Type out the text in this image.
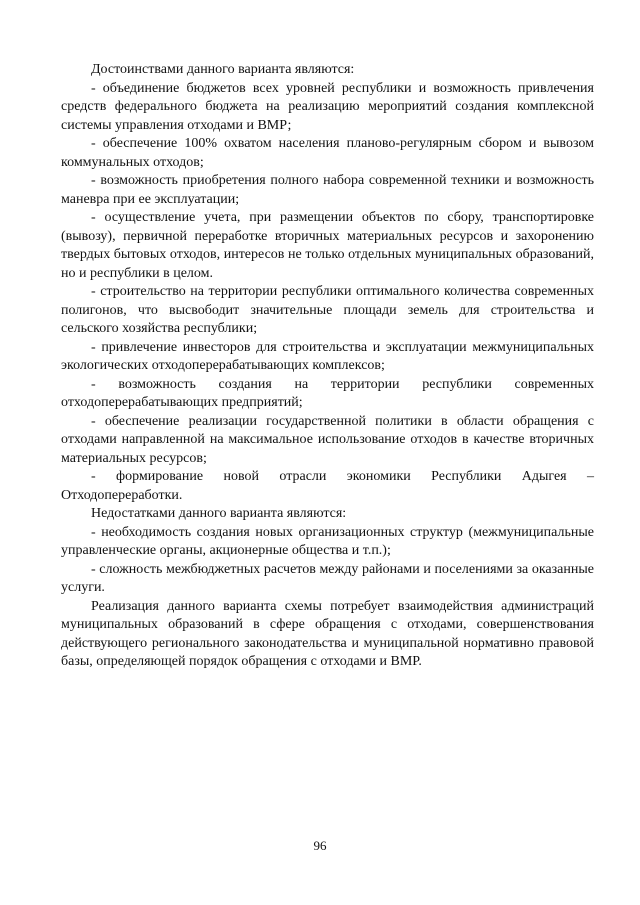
Достоинствами данного варианта являются:

- объединение бюджетов всех уровней республики и возможность привлечения средств федерального бюджета на реализацию мероприятий создания комплексной системы управления отходами и ВМР;

- обеспечение 100% охватом населения планово-регулярным сбором и вывозом коммунальных отходов;

- возможность приобретения полного набора современной техники и возможность маневра при ее эксплуатации;

- осуществление учета, при размещении объектов по сбору, транспортировке (вывозу), первичной переработке вторичных материальных ресурсов и захоронению твердых бытовых отходов, интересов не только отдельных муниципальных образований, но и республики в целом.

- строительство на территории республики оптимального количества современных полигонов, что высвободит значительные площади земель для строительства и сельского хозяйства республики;

- привлечение инвесторов для строительства и эксплуатации межмуниципальных экологических отходоперерабатывающих комплексов;

- возможность создания на территории республики современных отходоперерабатывающих предприятий;

- обеспечение реализации государственной политики в области обращения с отходами направленной на максимальное использование отходов в качестве вторичных материальных ресурсов;

- формирование новой отрасли экономики Республики Адыгея – Отходопереработки.

Недостатками данного варианта являются:

- необходимость создания новых организационных структур (межмуниципальные управленческие органы, акционерные общества и т.п.);

- сложность межбюджетных расчетов между районами и поселениями за оказанные услуги.

Реализация данного варианта схемы потребует взаимодействия администраций муниципальных образований в сфере обращения с отходами, совершенствования действующего регионального законодательства и муниципальной нормативно правовой базы, определяющей порядок обращения с отходами и ВМР.

96
